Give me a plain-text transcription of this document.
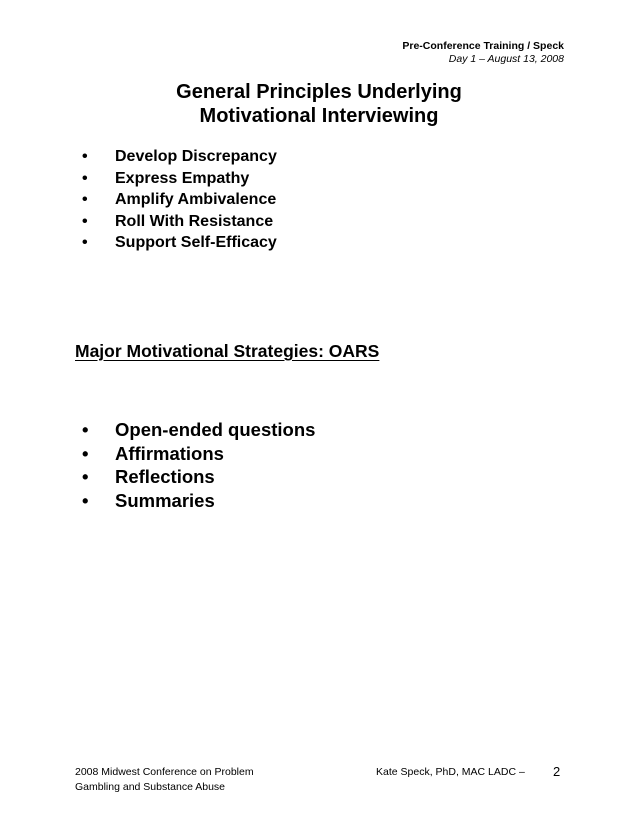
Pre-Conference Training / Speck
Day 1 – August 13, 2008
General Principles Underlying
Motivational Interviewing
• Develop Discrepancy
• Express Empathy
• Amplify Ambivalence
• Roll With Resistance
• Support Self-Efficacy
Major Motivational Strategies: OARS
• Open-ended questions
• Affirmations
• Reflections
• Summaries
2008 Midwest Conference on Problem
Gambling and Substance Abuse
Kate Speck, PhD, MAC LADC – 2
